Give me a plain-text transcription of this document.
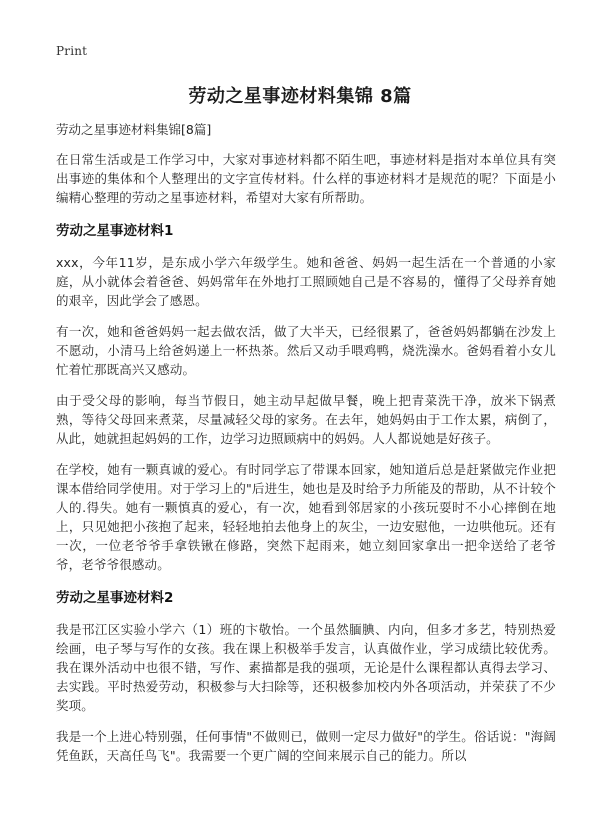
Print
劳动之星事迹材料集锦 8篇
劳动之星事迹材料集锦[8篇]

在日常生活或是工作学习中，大家对事迹材料都不陌生吧，事迹材料是指对本单位具有突出事迹的集体和个人整理出的文字宣传材料。什么样的事迹材料才是规范的呢？下面是小编精心整理的劳动之星事迹材料，希望对大家有所帮助。

劳动之星事迹材料1

xxx，今年11岁，是东成小学六年级学生。她和爸爸、妈妈一起生活在一个普通的小家庭，从小就体会着爸爸、妈妈常年在外地打工照顾她自己是不容易的，懂得了父母养育她的艰辛，因此学会了感恩。

有一次，她和爸爸妈妈一起去做农活，做了大半天，已经很累了，爸爸妈妈都躺在沙发上不愿动，小清马上给爸妈递上一杯热茶。然后又动手喂鸡鸭，烧洗澡水。爸妈看着小女儿忙着忙那既高兴又感动。

由于受父母的影响，每当节假日，她主动早起做早餐，晚上把青菜洗干净，放米下锅煮熟，等待父母回来煮菜，尽量减轻父母的家务。在去年，她妈妈由于工作太累，病倒了，从此，她就担起妈妈的工作，边学习边照顾病中的妈妈。人人都说她是好孩子。

在学校，她有一颗真诚的爱心。有时同学忘了带课本回家，她知道后总是赶紧做完作业把课本借给同学使用。对于学习上的"后进生，她也是及时给予力所能及的帮助，从不计较个人的.得失。她有一颗慎真的爱心，有一次，她看到邻居家的小孩玩耍时不小心摔倒在地上，只见她把小孩抱了起来，轻轻地拍去他身上的灰尘，一边安慰他，一边哄他玩。还有一次，一位老爷爷手拿铁锹在修路，突然下起雨来，她立刻回家拿出一把伞送给了老爷爷，老爷爷很感动。

劳动之星事迹材料2

我是邗江区实验小学六（1）班的卞敬怡。一个虽然腼腆、内向，但多才多艺，特别热爱绘画，电子琴与写作的女孩。我在课上积极举手发言，认真做作业，学习成绩比较优秀。我在课外活动中也很不错，写作、素描都是我的强项，无论是什么课程都认真得去学习、去实践。平时热爱劳动，积极参与大扫除等，还积极参加校内外各项活动，并荣获了不少奖项。

我是一个上进心特别强，任何事情"不做则已，做则一定尽力做好"的学生。俗话说："海阔凭鱼跃，天高任鸟飞"。我需要一个更广阔的空间来展示自己的能力。所以
